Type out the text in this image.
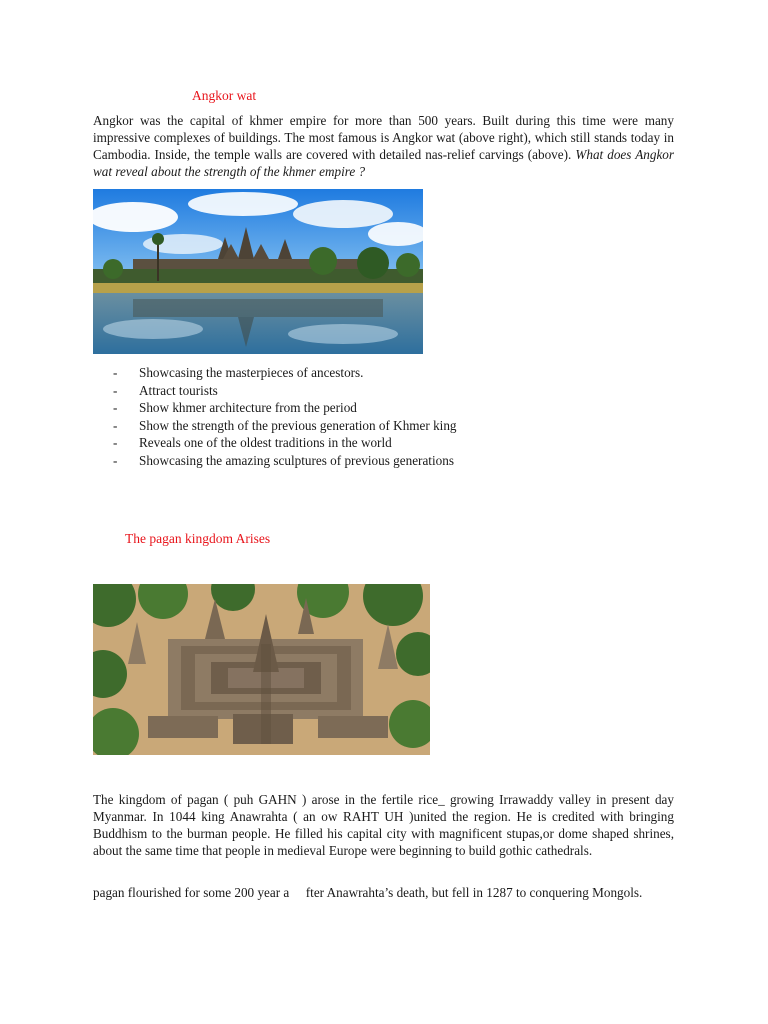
Angkor wat
Angkor was the capital of khmer empire for more than 500 years. Built during this time were many impressive complexes of buildings. The most famous is Angkor wat (above right), which still stands today in Cambodia. Inside, the temple walls are covered with detailed nas-relief carvings (above). What does Angkor wat reveal about the strength of the khmer empire ?
- Showcasing the masterpieces of ancestors.
- Attract tourists
- Show khmer architecture from the period
- Show the strength of the previous generation of Khmer king
- Reveals one of the oldest traditions in the world
- Showcasing the amazing sculptures of previous generations
The pagan kingdom Arises
The kingdom of pagan ( puh GAHN ) arose in the fertile rice_ growing Irrawaddy valley in present day Myanmar. In 1044 king Anawrahta ( an ow RAHT UH )united the region. He is credited with bringing Buddhism to the burman people. He filled his capital city with magnificent stupas,or dome shaped shrines, about the same time that people in medieval Europe were beginning to build gothic cathedrals.
pagan flourished for some 200 year a     fter Anawrahta’s death, but fell in 1287 to conquering Mongols.
